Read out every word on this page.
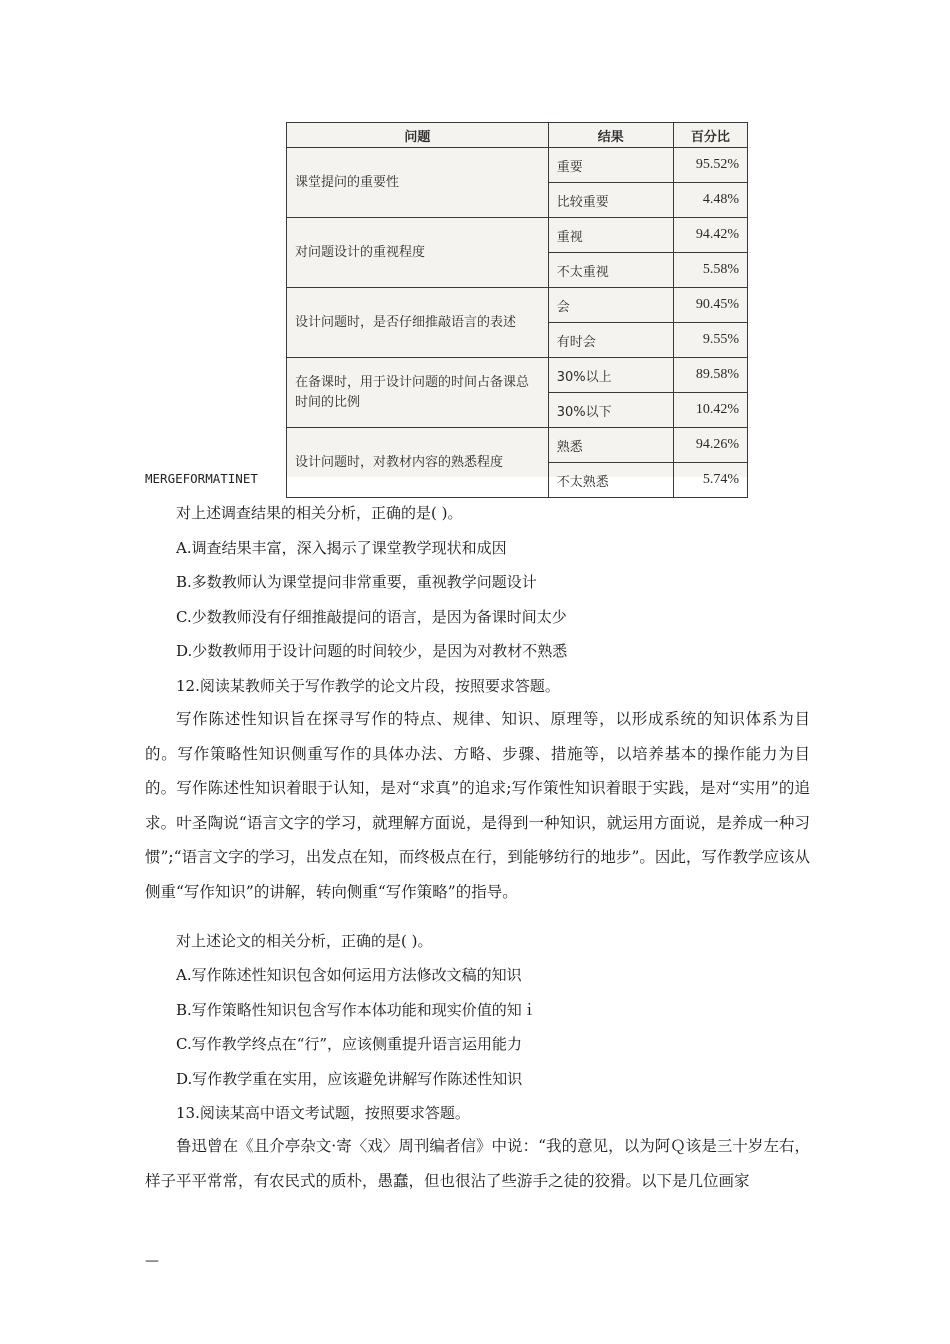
问题	结果	百分比
课堂提问的重要性	重要	95.52%
	比较重要	4.48%
对问题设计的重视程度	重视	94.42%
	不太重视	5.58%
设计问题时，是否仔细推敲语言的表述	会	90.45%
	有时会	9.55%
在备课时，用于设计问题的时间占备课总时间的比例	30%以上	89.58%
	30%以下	10.42%
设计问题时，对教材内容的熟悉程度	熟悉	94.26%
	不太熟悉	5.74%
MERGEFORMATINET
对上述调查结果的相关分析，正确的是( )。
A.调查结果丰富，深入揭示了课堂教学现状和成因
B.多数教师认为课堂提问非常重要，重视教学问题设计
C.少数教师没有仔细推敲提问的语言，是因为备课时间太少
D.少数教师用于设计问题的时间较少，是因为对教材不熟悉
12.阅读某教师关于写作教学的论文片段，按照要求答题。
写作陈述性知识旨在探寻写作的特点、规律、知识、原理等，以形成系统的知识体系为目的。写作策略性知识侧重写作的具体办法、方略、步骤、措施等，以培养基本的操作能力为目的。写作陈述性知识着眼于认知，是对“求真”的追求;写作策性知识着眼于实践，是对“实用”的追求。叶圣陶说“语言文字的学习，就理解方面说，是得到一种知识，就运用方面说，是养成一种习惯”;“语言文字的学习，出发点在知，而终极点在行，到能够纺行的地步”。因此，写作教学应该从侧重“写作知识”的讲解，转向侧重“写作策略”的指导。
对上述论文的相关分析，正确的是( )。
A.写作陈述性知识包含如何运用方法修改文稿的知识
B.写作策略性知识包含写作本体功能和现实价值的知ｉ
C.写作教学终点在“行”，应该侧重提升语言运用能力
D.写作教学重在实用，应该避免讲解写作陈述性知识
13.阅读某高中语文考试题，按照要求答题。
鲁迅曾在《且介亭杂文·寄〈戏〉周刊编者信》中说：“我的意见，以为阿Ｑ该是三十岁左右，样子平平常常，有农民式的质朴，愚蠢，但也很沾了些游手之徒的狡猾。以下是几位画家
—
